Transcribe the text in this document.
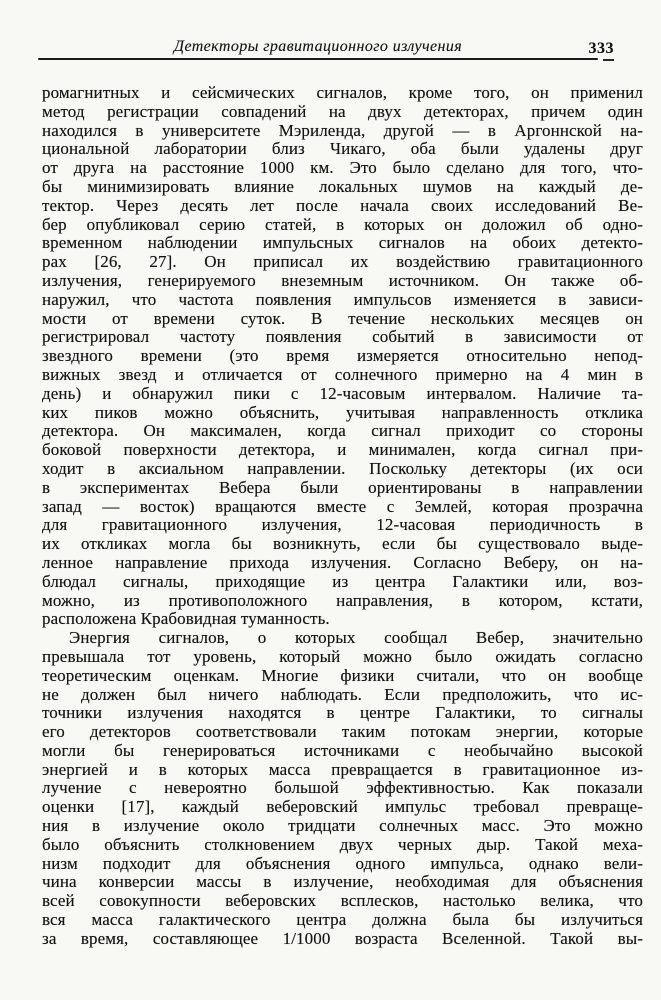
Детекторы гравитационного излучения	333
ромагнитных и сейсмических сигналов, кроме того, он применил
метод регистрации совпадений на двух детекторах, причем один
находился в университете Мэриленда, другой — в Аргоннской на-
циональной лаборатории близ Чикаго, оба были удалены друг
от друга на расстояние 1000 км. Это было сделано для того, что-
бы минимизировать влияние локальных шумов на каждый де-
тектор. Через десять лет после начала своих исследований Ве-
бер опубликовал серию статей, в которых он доложил об одно-
временном наблюдении импульсных сигналов на обоих детекто-
рах [26, 27]. Он приписал их воздействию гравитационного
излучения, генерируемого внеземным источником. Он также об-
наружил, что частота появления импульсов изменяется в зависи-
мости от времени суток. В течение нескольких месяцев он
регистрировал частоту появления событий в зависимости от
звездного времени (это время измеряется относительно непод-
вижных звезд и отличается от солнечного примерно на 4 мин в
день) и обнаружил пики с 12-часовым интервалом. Наличие та-
ких пиков можно объяснить, учитывая направленность отклика
детектора. Он максимален, когда сигнал приходит со стороны
боковой поверхности детектора, и минимален, когда сигнал при-
ходит в аксиальном направлении. Поскольку детекторы (их оси
в экспериментах Вебера были ориентированы в направлении
запад — восток) вращаются вместе с Землей, которая прозрачна
для гравитационного излучения, 12-часовая периодичность в
их откликах могла бы возникнуть, если бы существовало выде-
ленное направление прихода излучения. Согласно Веберу, он на-
блюдал сигналы, приходящие из центра Галактики или, воз-
можно, из противоположного направления, в котором, кстати,
расположена Крабовидная туманность.
Энергия сигналов, о которых сообщал Вебер, значительно
превышала тот уровень, который можно было ожидать согласно
теоретическим оценкам. Многие физики считали, что он вообще
не должен был ничего наблюдать. Если предположить, что ис-
точники излучения находятся в центре Галактики, то сигналы
его детекторов соответствовали таким потокам энергии, которые
могли бы генерироваться источниками с необычайно высокой
энергией и в которых масса превращается в гравитационное из-
лучение с невероятно большой эффективностью. Как показали
оценки [17], каждый веберовский импульс требовал превраще-
ния в излучение около тридцати солнечных масс. Это можно
было объяснить столкновением двух черных дыр. Такой меха-
низм подходит для объяснения одного импульса, однако вели-
чина конверсии массы в излучение, необходимая для объяснения
всей совокупности веберовских всплесков, настолько велика, что
вся масса галактического центра должна была бы излучиться
за время, составляющее 1/1000 возраста Вселенной. Такой вы-
